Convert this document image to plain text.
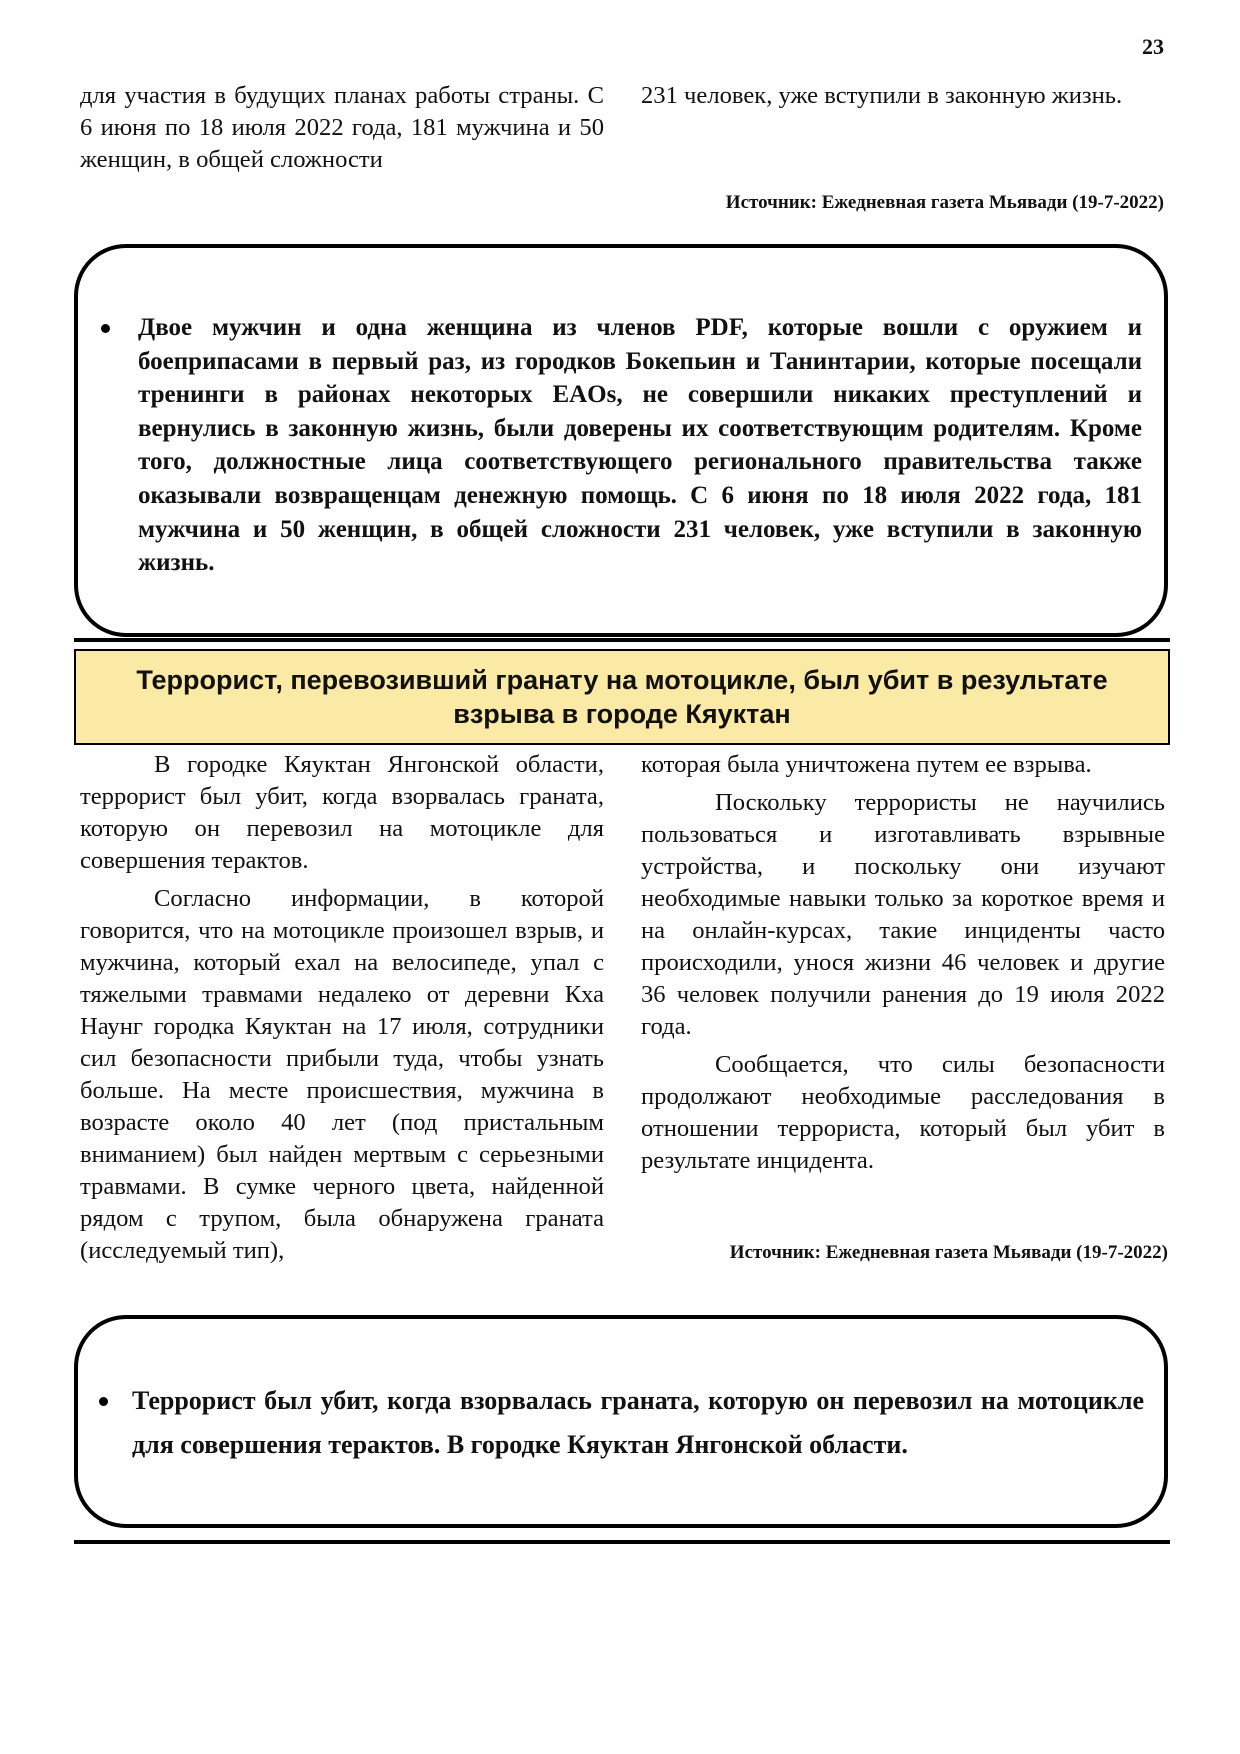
23

для участия в будущих планах работы страны. С 6 июня по 18 июля 2022 года, 181 мужчина и 50 женщин, в общей сложности

231 человек, уже вступили в законную жизнь.

Источник: Ежедневная газета Мьявади (19-7-2022)
Двое мужчин и одна женщина из членов PDF, которые вошли с оружием и боеприпасами в первый раз, из городков Бокепьин и Танинтарии, которые посещали тренинги в районах некоторых EAOs, не совершили никаких преступлений и вернулись в законную жизнь, были доверены их соответствующим родителям. Кроме того, должностные лица соответствующего регионального правительства также оказывали возвращенцам денежную помощь. С 6 июня по 18 июля 2022 года, 181 мужчина и 50 женщин, в общей сложности 231 человек, уже вступили в законную жизнь.
Террорист, перевозивший гранату на мотоцикле, был убит в результате
взрыва в городе Кяуктан

В городке Кяуктан Янгонской области, террорист был убит, когда взорвалась граната, которую он перевозил на мотоцикле для совершения терактов.

Согласно информации, в которой говорится, что на мотоцикле произошел взрыв, и мужчина, который ехал на велосипеде, упал с тяжелыми травмами недалеко от деревни Кха Наунг городка Кяуктан на 17 июля, сотрудники сил безопасности прибыли туда, чтобы узнать больше. На месте происшествия, мужчина в возрасте около 40 лет (под пристальным вниманием) был найден мертвым с серьезными травмами. В сумке черного цвета, найденной рядом с трупом, была обнаружена граната (исследуемый тип),

которая была уничтожена путем ее взрыва.

Поскольку террористы не научились пользоваться и изготавливать взрывные устройства, и поскольку они изучают необходимые навыки только за короткое время и на онлайн-курсах, такие инциденты часто происходили, унося жизни 46 человек и другие 36 человек получили ранения до 19 июля 2022 года.

Сообщается, что силы безопасности продолжают необходимые расследования в отношении террориста, который был убит в результате инцидента.

Источник: Ежедневная газета Мьявади (19-7-2022)
Террорист был убит, когда взорвалась граната, которую он перевозил на мотоцикле для совершения терактов. В городке Кяуктан Янгонской области.
